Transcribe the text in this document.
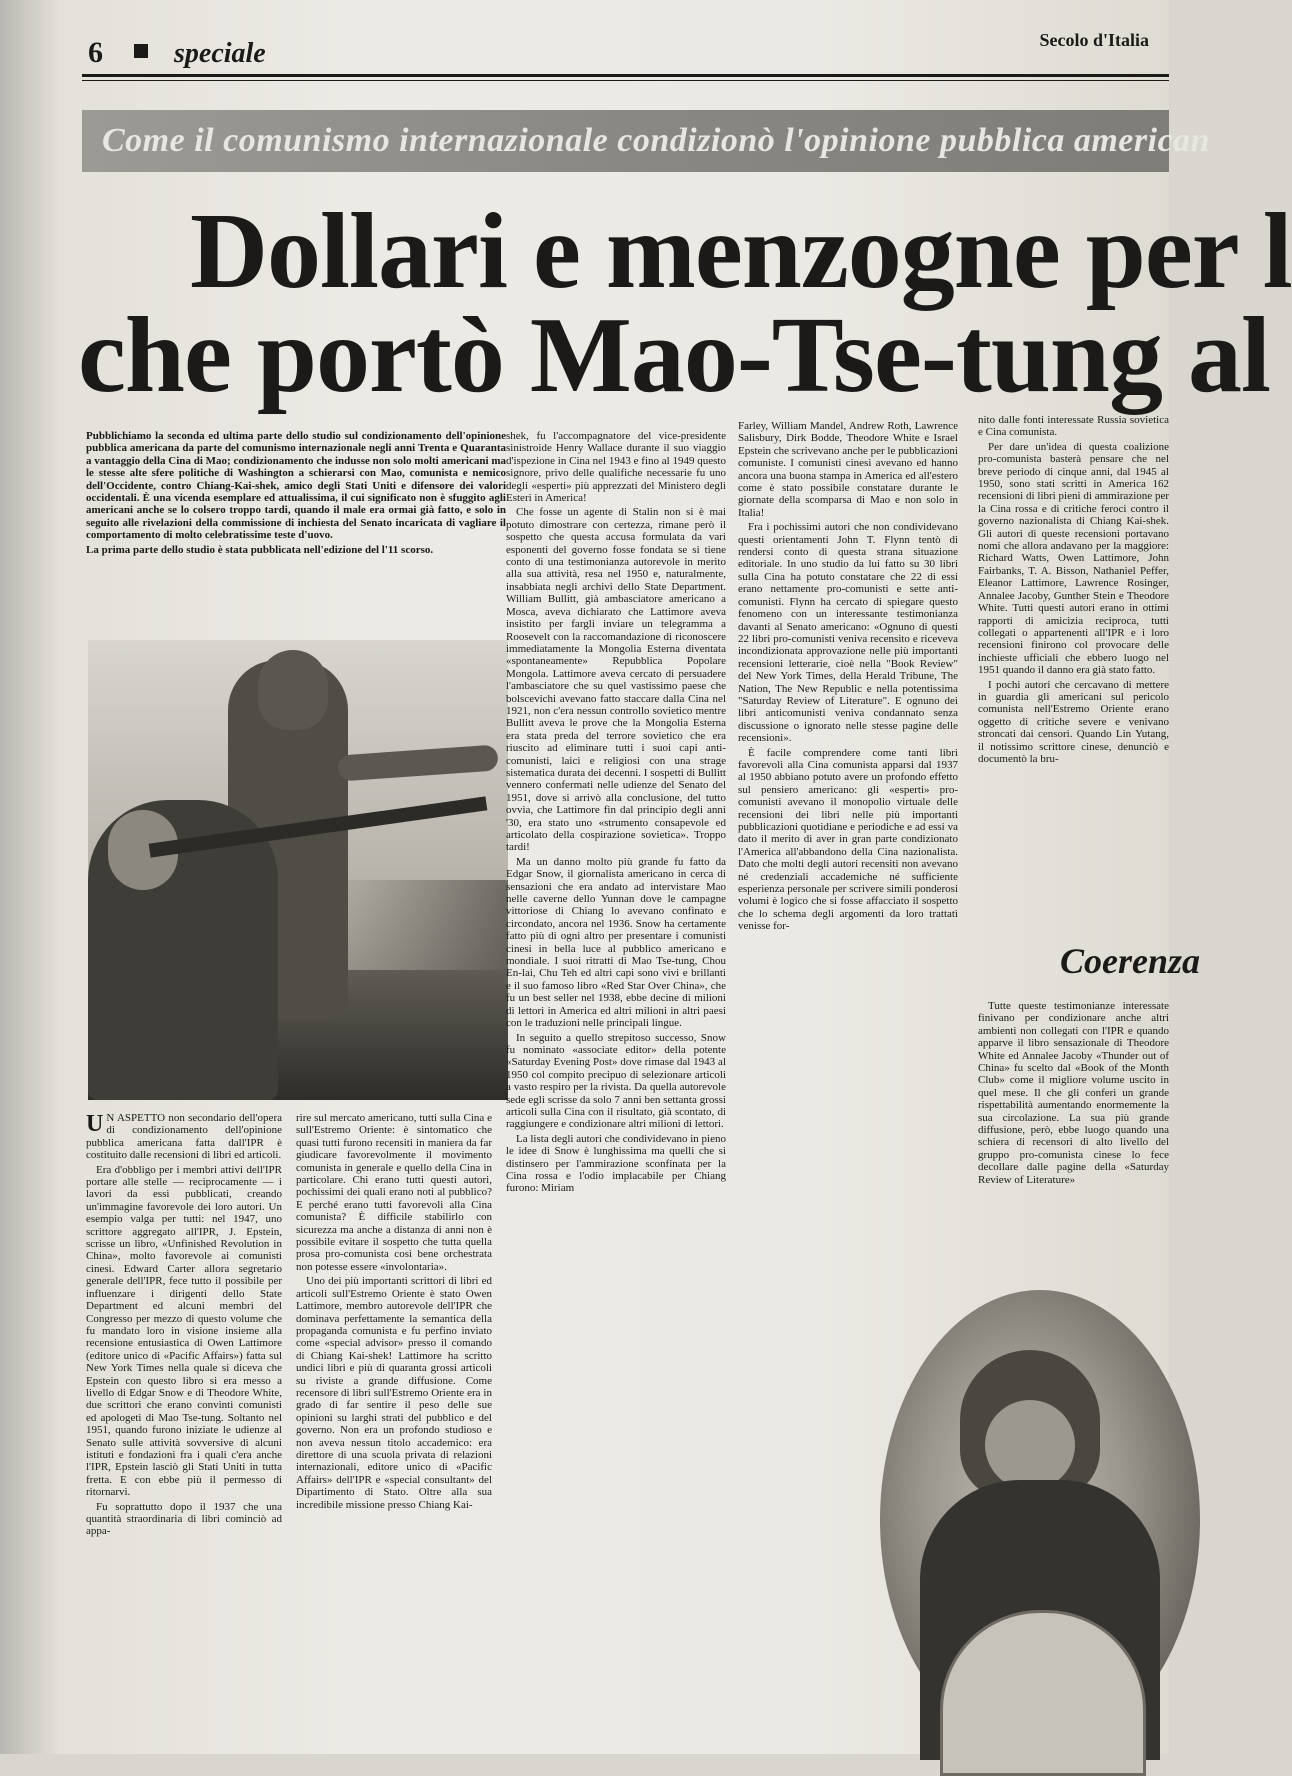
6	speciale	Secolo d'Italia
Come il comunismo internazionale condizionò l'opinione pubblica american
Dollari e menzogne per l
che portò Mao-Tse-tung al

Pubblichiamo la seconda ed ultima parte dello studio sul condizionamento dell'opinione pubblica americana da parte del comunismo internazionale negli anni Trenta e Quaranta a vantaggio della Cina di Mao; condizionamento che indusse non solo molti americani ma le stesse alte sfere politiche di Washington a schierarsi con Mao, comunista e nemico dell'Occidente, contro Chiang-Kai-shek, amico degli Stati Uniti e difensore dei valori occidentali. È una vicenda esemplare ed attualissima, il cui significato non è sfuggito agli americani anche se lo colsero troppo tardi, quando il male era ormai già fatto, e solo in seguito alle rivelazioni della commissione di inchiesta del Senato incaricata di vagliare il comportamento di molto celebratissime teste d'uovo.

La prima parte dello studio è stata pubblicata nell'edizione del l'11 scorso.

U N ASPETTO non secondario dell'opera di condizionamento dell'opinione pubblica americana fatta dall'IPR è costituito dalle recensioni di libri ed articoli.

Era d'obbligo per i membri attivi dell'IPR portare alle stelle — reciprocamente — i lavori da essi pubblicati, creando un'immagine favorevole dei loro autori. Un esempio valga per tutti: nel 1947, uno scrittore aggregato all'IPR, J. Epstein, scrisse un libro, «Unfinished Revolution in China», molto favorevole ai comunisti cinesi. Edward Carter allora segretario generale dell'IPR, fece tutto il possibile per influenzare i dirigenti dello State Department ed alcuni membri del Congresso per mezzo di questo volume che fu mandato loro in visione insieme alla recensione entusiastica di Owen Lattimore (editore unico di «Pacific Affairs») fatta sul New York Times nella quale si diceva che Epstein con questo libro si era messo a livello di Edgar Snow e di Theodore White, due scrittori che erano convinti comunisti ed apologeti di Mao Tse-tung. Soltanto nel 1951, quando furono iniziate le udienze al Senato sulle attività sovversive di alcuni istituti e fondazioni fra i quali c'era anche l'IPR, Epstein lasciò gli Stati Uniti in tutta fretta. E con ebbe più il permesso di ritornarvi.

Fu soprattutto dopo il 1937 che una quantità straordinaria di libri cominciò ad appa-

rire sul mercato americano, tutti sulla Cina e sull'Estremo Oriente: è sintomatico che quasi tutti furono recensiti in maniera da far giudicare favorevolmente il movimento comunista in generale e quello della Cina in particolare. Chi erano tutti questi autori, pochissimi dei quali erano noti al pubblico? E perché erano tutti favorevoli alla Cina comunista? È difficile stabilirlo con sicurezza ma anche a distanza di anni non è possibile evitare il sospetto che tutta quella prosa pro-comunista così bene orchestrata non potesse essere «involontaria».

Uno dei più importanti scrittori di libri ed articoli sull'Estremo Oriente è stato Owen Lattimore, membro autorevole dell'IPR che dominava perfettamente la semantica della propaganda comunista e fu perfino inviato come «special advisor» presso il comando di Chiang Kai-shek! Lattimore ha scritto undici libri e più di quaranta grossi articoli su riviste a grande diffusione. Come recensore di libri sull'Estremo Oriente era in grado di far sentire il peso delle sue opinioni su larghi strati del pubblico e del governo. Non era un profondo studioso e non aveva nessun titolo accademico: era direttore di una scuola privata di relazioni internazionali, editore unico di «Pacific Affairs» dell'IPR e «special consultant» del Dipartimento di Stato. Oltre alla sua incredibile missione presso Chiang Kai-

shek, fu l'accompagnatore del vice-presidente sinistroide Henry Wallace durante il suo viaggio d'ispezione in Cina nel 1943 e fino al 1949 questo signore, privo delle qualifiche necessarie fu uno degli «esperti» più apprezzati del Ministero degli Esteri in America!

Che fosse un agente di Stalin non si è mai potuto dimostrare con certezza, rimane però il sospetto che questa accusa formulata da vari esponenti del governo fosse fondata se si tiene conto di una testimonianza autorevole in merito alla sua attività, resa nel 1950 e, naturalmente, insabbiata negli archivi dello State Department. William Bullitt, già ambasciatore americano a Mosca, aveva dichiarato che Lattimore aveva insistito per fargli inviare un telegramma a Roosevelt con la raccomandazione di riconoscere immediatamente la Mongolia Esterna diventata «spontaneamente» Repubblica Popolare Mongola. Lattimore aveva cercato di persuadere l'ambasciatore che su quel vastissimo paese che bolscevichi avevano fatto staccare dalla Cina nel 1921, non c'era nessun controllo sovietico mentre Bullitt aveva le prove che la Mongolia Esterna era stata preda del terrore sovietico che era riuscito ad eliminare tutti i suoi capi anti-comunisti, laici e religiosi con una strage sistematica durata dei decenni. I sospetti di Bullitt vennero confermati nelle udienze del Senato del 1951, dove si arrivò alla conclusione, del tutto ovvia, che Lattimore fin dal principio degli anni '30, era stato uno «strumento consapevole ed articolato della cospirazione sovietica». Troppo tardi!

Ma un danno molto più grande fu fatto da Edgar Snow, il giornalista americano in cerca di sensazioni che era andato ad intervistare Mao nelle caverne dello Yunnan dove le campagne vittoriose di Chiang lo avevano confinato e circondato, ancora nel 1936. Snow ha certamente fatto più di ogni altro per presentare i comunisti cinesi in bella luce al pubblico americano e mondiale. I suoi ritratti di Mao Tse-tung, Chou En-lai, Chu Teh ed altri capi sono vivi e brillanti e il suo famoso libro «Red Star Over China», che fu un best seller nel 1938, ebbe decine di milioni di lettori in America ed altri milioni in altri paesi con le traduzioni nelle principali lingue.

In seguito a quello strepitoso successo, Snow fu nominato «associate editor» della potente «Saturday Evening Post» dove rimase dal 1943 al 1950 col compito precipuo di selezionare articoli a vasto respiro per la rivista. Da quella autorevole sede egli scrisse da solo 7 anni ben settanta grossi articoli sulla Cina con il risultato, già scontato, di raggiungere e condizionare altri milioni di lettori.

La lista degli autori che condividevano in pieno le idee di Snow è lunghissima ma quelli che si distinsero per l'ammirazione sconfinata per la Cina rossa e l'odio implacabile per Chiang furono: Miriam

Farley, William Mandel, Andrew Roth, Lawrence Salisbury, Dirk Bodde, Theodore White e Israel Epstein che scrivevano anche per le pubblicazioni comuniste. I comunisti cinesi avevano ed hanno ancora una buona stampa in America ed all'estero come è stato possibile constatare durante le giornate della scomparsa di Mao e non solo in Italia!

Fra i pochissimi autori che non condividevano questi orientamenti John T. Flynn tentò di rendersi conto di questa strana situazione editoriale. In uno studio da lui fatto su 30 libri sulla Cina ha potuto constatare che 22 di essi erano nettamente pro-comunisti e sette anti-comunisti. Flynn ha cercato di spiegare questo fenomeno con un interessante testimonianza davanti al Senato americano: «Ognuno di questi 22 libri pro-comunisti veniva recensito e riceveva incondizionata approvazione nelle più importanti recensioni letterarie, cioè nella "Book Review" del New York Times, della Herald Tribune, The Nation, The New Republic e nella potentissima "Saturday Review of Literature". E ognuno dei libri anticomunisti veniva condannato senza discussione o ignorato nelle stesse pagine delle recensioni».

È facile comprendere come tanti libri favorevoli alla Cina comunista apparsi dal 1937 al 1950 abbiano potuto avere un profondo effetto sul pensiero americano: gli «esperti» pro-comunisti avevano il monopolio virtuale delle recensioni dei libri nelle più importanti pubblicazioni quotidiane e periodiche e ad essi va dato il merito di aver in gran parte condizionato l'America all'abbandono della Cina nazionalista. Dato che molti degli autori recensiti non avevano né credenziali accademiche né sufficiente esperienza personale per scrivere simili ponderosi volumi è logico che si fosse affacciato il sospetto che lo schema degli argomenti da loro trattati venisse for-

nito dalle fonti interessate Russia sovietica e Cina comunista.

Per dare un'idea di questa coalizione pro-comunista basterà pensare che nel breve periodo di cinque anni, dal 1945 al 1950, sono stati scritti in America 162 recensioni di libri pieni di ammirazione per la Cina rossa e di critiche feroci contro il governo nazionalista di Chiang Kai-shek. Gli autori di queste recensioni portavano nomi che allora andavano per la maggiore: Richard Watts, Owen Lattimore, John Fairbanks, T. A. Bisson, Nathaniel Peffer, Eleanor Lattimore, Lawrence Rosinger, Annalee Jacoby, Gunther Stein e Theodore White. Tutti questi autori erano in ottimi rapporti di amicizia reciproca, tutti collegati o appartenenti all'IPR e i loro recensioni finirono col provocare delle inchieste ufficiali che ebbero luogo nel 1951 quando il danno era già stato fatto.

I pochi autori che cercavano di mettere in guardia gli americani sul pericolo comunista nell'Estremo Oriente erano oggetto di critiche severe e venivano stroncati dai censori. Quando Lin Yutang, il notissimo scrittore cinese, denunciò e documentò la bru-

Coerenza

Tutte queste testimonianze interessate finivano per condizionare anche altri ambienti non collegati con l'IPR e quando apparve il libro sensazionale di Theodore White ed Annalee Jacoby «Thunder out of China» fu scelto dal «Book of the Month Club» come il migliore volume uscito in quel mese. Il che gli conferì un grande rispettabilità aumentando enormemente la sua circolazione. La sua più grande diffusione, però, ebbe luogo quando una schiera di recensori di alto livello del gruppo pro-comunista cinese lo fece decollare dalle pagine della «Saturday Review of Literature»
